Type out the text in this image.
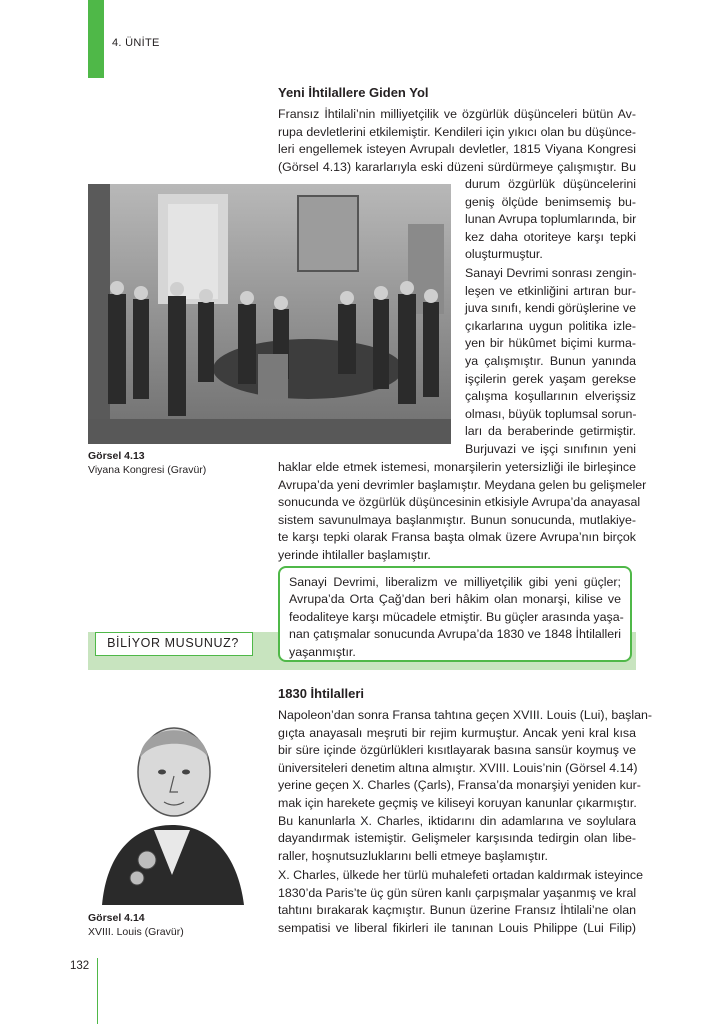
4. ÜNİTE
Yeni İhtilallere Giden Yol

Fransız İhtilali’nin milliyetçilik ve özgürlük düşünceleri bütün Av-
rupa devletlerini etkilemiştir. Kendileri için yıkıcı olan bu düşünce-
leri engellemek isteyen Avrupalı devletler, 1815 Viyana Kongresi
(Görsel 4.13) kararlarıyla eski düzeni sürdürmeye çalışmıştır. Bu

durum özgürlük düşüncelerini
geniş ölçüde benimsemiş bu-
lunan Avrupa toplumlarında, bir
kez daha otoriteye karşı tepki
oluşturmuştur.

Sanayi Devrimi sonrası zengin-
leşen ve etkinliğini artıran bur-
juva sınıfı, kendi görüşlerine ve
çıkarlarına uygun politika izle-
yen bir hükûmet biçimi kurma-
ya çalışmıştır. Bunun yanında
işçilerin gerek yaşam gerekse
çalışma koşullarının elverişsiz
olması, büyük toplumsal sorun-
ları da beraberinde getirmiştir.
Burjuvazi ve işçi sınıfının yeni

haklar elde etmek istemesi, monarşilerin yetersizliği ile birleşince
Avrupa’da yeni devrimler başlamıştır. Meydana gelen bu gelişmeler
sonucunda ve özgürlük düşüncesinin etkisiyle Avrupa’da anayasal
sistem savunulmaya başlanmıştır. Bunun sonucunda, mutlakiye-
te karşı tepki olarak Fransa başta olmak üzere Avrupa’nın birçok
yerinde ihtilaller başlamıştır.

Görsel 4.13
Viyana Kongresi (Gravür)
BİLİYOR MUSUNUZ?

Sanayi Devrimi, liberalizm ve milliyetçilik gibi yeni güçler;
Avrupa’da Orta Çağ’dan beri hâkim olan monarşi, kilise ve
feodaliteye karşı mücadele etmiştir. Bu güçler arasında yaşa-
nan çatışmalar sonucunda Avrupa’da 1830 ve 1848 İhtilalleri
yaşanmıştır.

1830 İhtilalleri

Napoleon’dan sonra Fransa tahtına geçen XVIII. Louis (Lui), başlan-
gıçta anayasalı meşruti bir rejim kurmuştur. Ancak yeni kral kısa
bir süre içinde özgürlükleri kısıtlayarak basına sansür koymuş ve
üniversiteleri denetim altına almıştır. XVIII. Louis’nin (Görsel 4.14)
yerine geçen X. Charles (Çarls), Fransa’da monarşiyi yeniden kur-
mak için harekete geçmiş ve kiliseyi koruyan kanunlar çıkarmıştır.
Bu kanunlarla X. Charles, iktidarını din adamlarına ve soylulara
dayandırmak istemiştir. Gelişmeler karşısında tedirgin olan libe-
raller, hoşnutsuzluklarını belli etmeye başlamıştır.

X. Charles, ülkede her türlü muhalefeti ortadan kaldırmak isteyince
1830’da Paris’te üç gün süren kanlı çarpışmalar yaşanmış ve kral
tahtını bırakarak kaçmıştır. Bunun üzerine Fransız İhtilali’ne olan
sempatisi ve liberal fikirleri ile tanınan Louis Philippe (Lui Filip)

Görsel 4.14
XVIII. Louis (Gravür)
132
